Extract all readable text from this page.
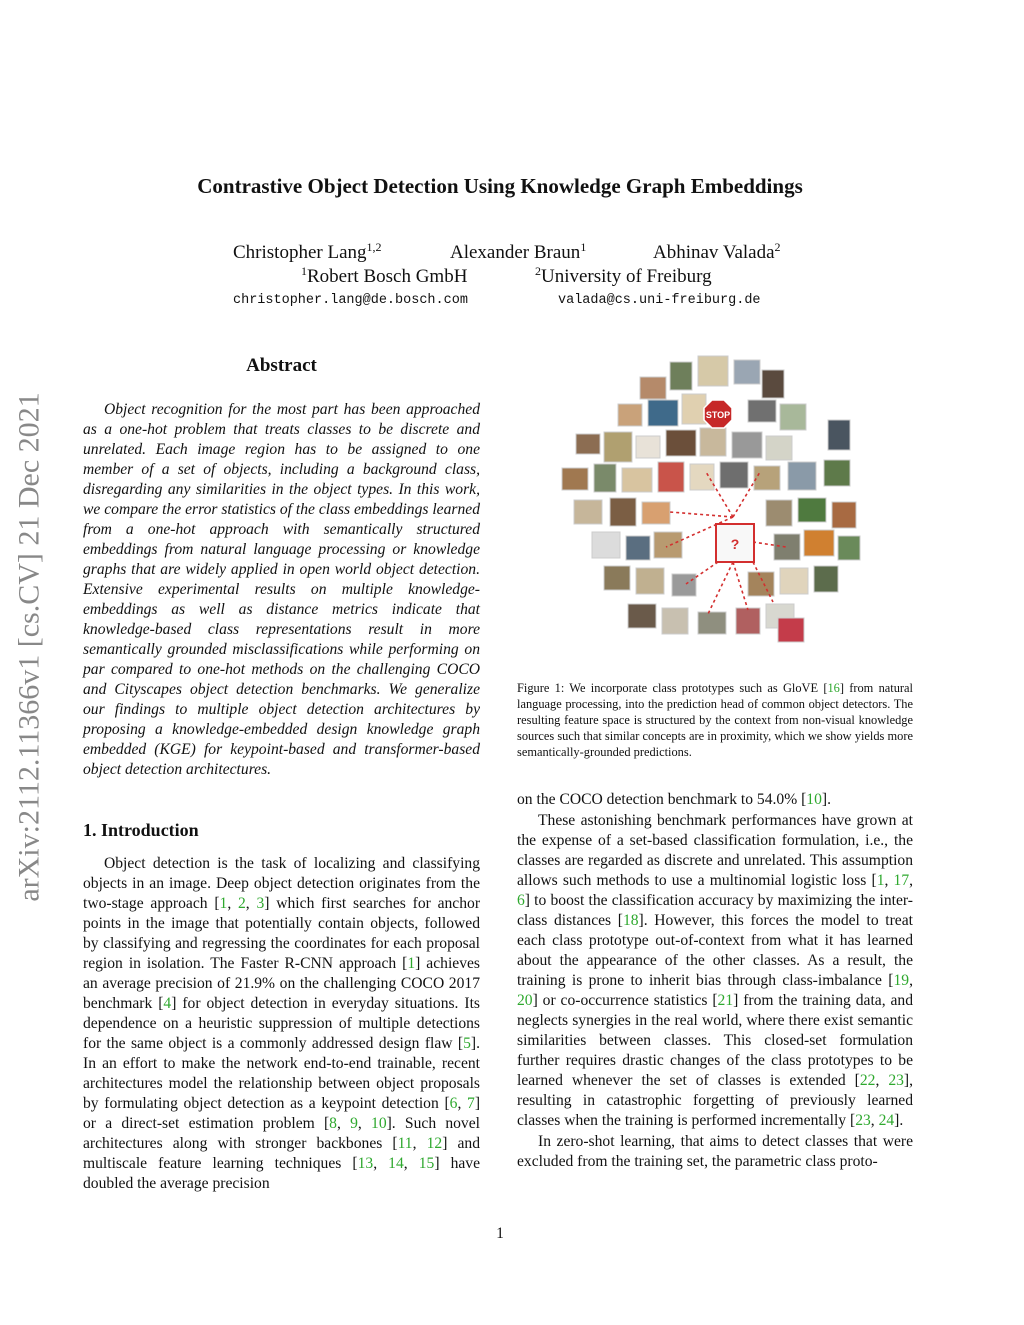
Contrastive Object Detection Using Knowledge Graph Embeddings
Christopher Lang$^{1,2}$	Alexander Braun$^1$	Abhinav Valada$^2$
$^1$Robert Bosch GmbH	$^2$University of Freiburg
christopher.lang@de.bosch.com	valada@cs.uni-freiburg.de
arXiv:2112.11366v1 [cs.CV] 21 Dec 2021
Abstract
Object recognition for the most part has been approached as a one-hot problem that treats classes to be discrete and unrelated. Each image region has to be assigned to one member of a set of objects, including a background class, disregarding any similarities in the object types. In this work, we compare the error statistics of the class embeddings learned from a one-hot approach with semantically structured embeddings from natural language processing or knowledge graphs that are widely applied in open world object detection. Extensive experimental results on multiple knowledge-embeddings as well as distance metrics indicate that knowledge-based class representations result in more semantically grounded misclassifications while performing on par compared to one-hot methods on the challenging COCO and Cityscapes object detection benchmarks. We generalize our findings to multiple object detection architectures by proposing a knowledge-embedded design knowledge graph embedded (KGE) for keypoint-based and transformer-based object detection architectures.
1. Introduction

Object detection is the task of localizing and classifying objects in an image. Deep object detection originates from the two-stage approach [1, 2, 3] which first searches for anchor points in the image that potentially contain objects, followed by classifying and regressing the coordinates for each proposal region in isolation. The Faster R-CNN approach [1] achieves an average precision of 21.9% on the challenging COCO 2017 benchmark [4] for object detection in everyday situations. Its dependence on a heuristic suppression of multiple detections for the same object is a commonly addressed design flaw [5]. In an effort to make the network end-to-end trainable, recent architectures model the relationship between object proposals by formulating object detection as a keypoint detection [6, 7] or a direct-set estimation problem [8, 9, 10]. Such novel architectures along with stronger backbones [11, 12] and multiscale feature learning techniques [13, 14, 15] have doubled the average precision

STOP
?
Figure 1: We incorporate class prototypes such as GloVE [16] from natural language processing, into the prediction head of common object detectors. The resulting feature space is structured by the context from non-visual knowledge sources such that similar concepts are in proximity, which we show yields more semantically-grounded predictions.

on the COCO detection benchmark to 54.0% [10].

These astonishing benchmark performances have grown at the expense of a set-based classification formulation, i.e., the classes are regarded as discrete and unrelated. This assumption allows such methods to use a multinomial logistic loss [1, 17, 6] to boost the classification accuracy by maximizing the inter-class distances [18]. However, this forces the model to treat each class prototype out-of-context from what it has learned about the appearance of the other classes. As a result, the training is prone to inherit bias through class-imbalance [19, 20] or co-occurrence statistics [21] from the training data, and neglects synergies in the real world, where there exist semantic similarities between classes. This closed-set formulation further requires drastic changes of the class prototypes to be learned whenever the set of classes is extended [22, 23], resulting in catastrophic forgetting of previously learned classes when the training is performed incrementally [23, 24].

In zero-shot learning, that aims to detect classes that were excluded from the training set, the parametric class proto-

1
